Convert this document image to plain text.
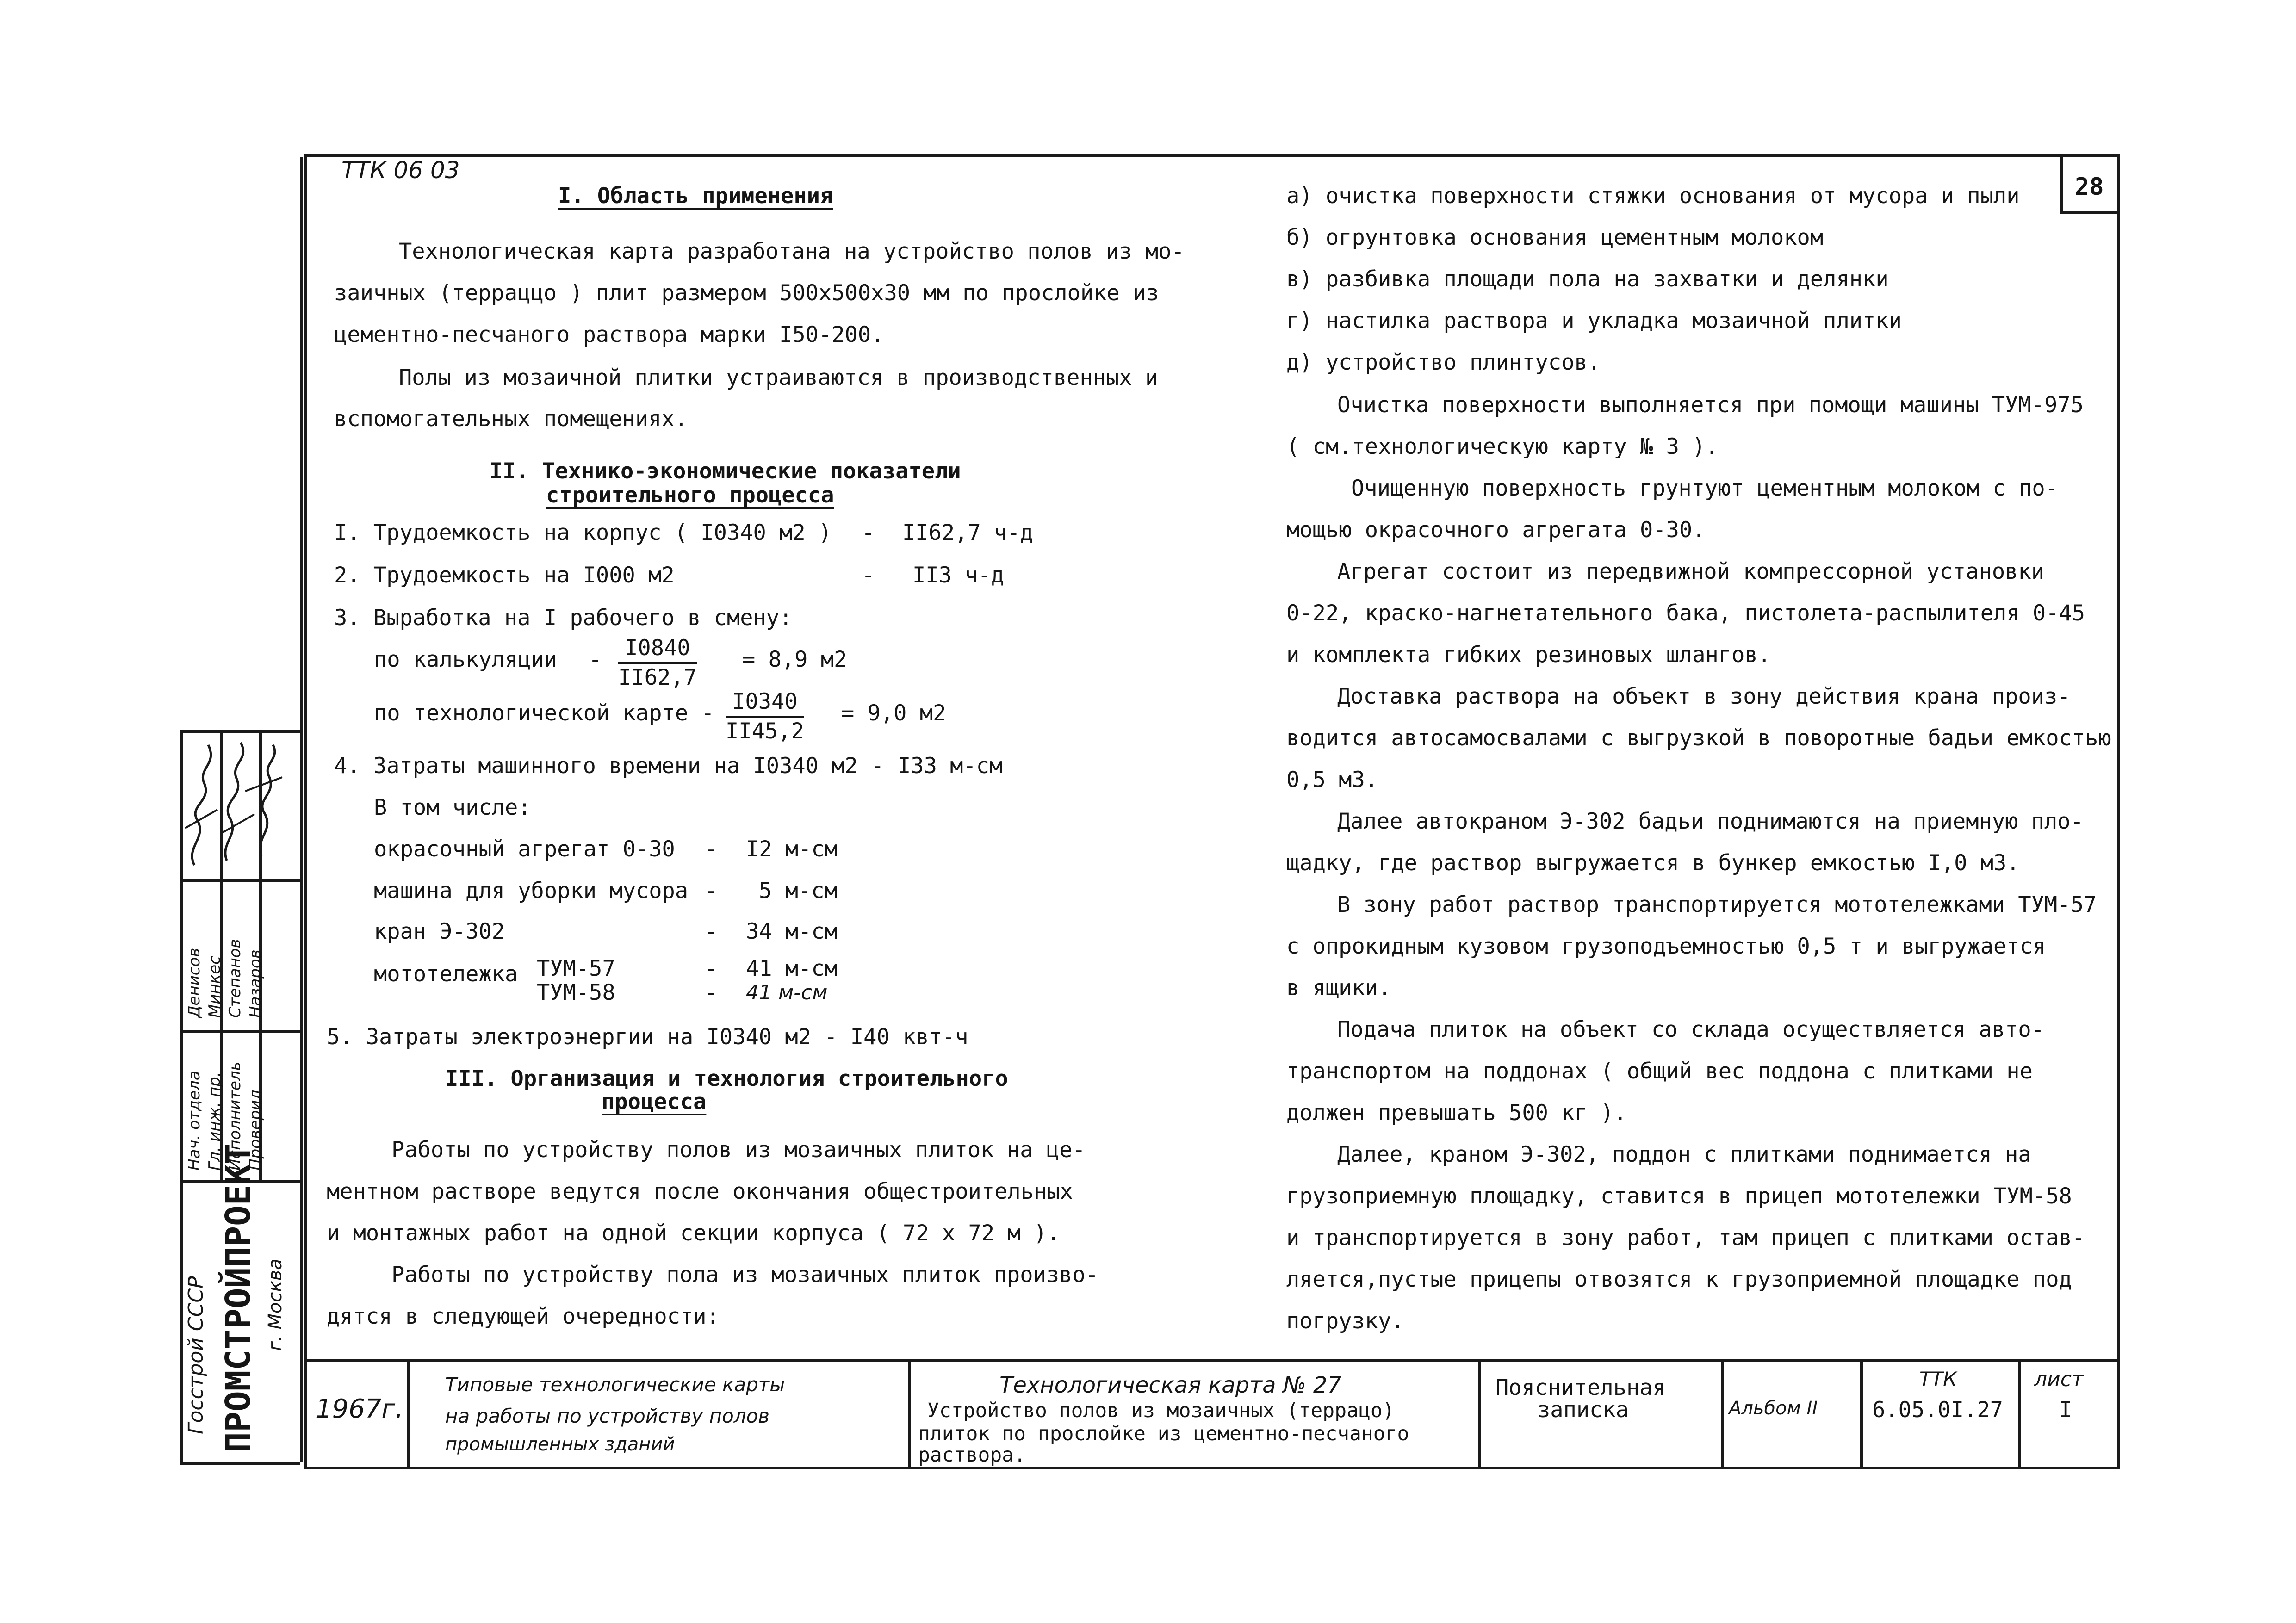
28
ТТК 06 03
I. Область применения
Технологическая карта разработана на устройство полов из мо-
заичных (терраццо ) плит размером 500х500х30 мм по прослойке из
цементно-песчаного раствора марки I50-200.
Полы из мозаичной плитки устраиваются в производственных и
вспомогательных помещениях.
II. Технико-экономические показатели
строительного процесса
I. Трудоемкость на корпус ( I0340 м2 ) - II62,7 ч-д
2. Трудоемкость на I000 м2	- II3 ч-д
3. Выработка на I рабочего в смену:
по калькуляции - $\frac{I0840}{II62,7} = 8,9$ м2
по технологической карте - $\frac{I0340}{II45,2} = 9,0$ м2
4. Затраты машинного времени на I0340 м2 - I33 м-см
В том числе:
окрасочный агрегат 0-30 - I2 м-см
машина для уборки мусора - 5 м-см
кран Э-302	- 34 м-см
мототележка ТУМ-57	- 41 м-см
ТУМ-58	- 41 м-см
5. Затраты электроэнергии на I0340 м2 - I40 квт-ч
III. Организация и технология строительного
процесса
Работы по устройству полов из мозаичных плиток на це-
ментном растворе ведутся после окончания общестроительных
и монтажных работ на одной секции корпуса ( 72 х 72 м ).
Работы по устройству пола из мозаичных плиток произво-
дятся в следующей очередности:
а) очистка поверхности стяжки основания от мусора и пыли
б) огрунтовка основания цементным молоком
в) разбивка площади пола на захватки и делянки
г) настилка раствора и укладка мозаичной плитки
д) устройство плинтусов.
Очистка поверхности выполняется при помощи машины ТУМ-975
( см.технологическую карту № 3 ).
Очищенную поверхность грунтуют цементным молоком с по-
мощью окрасочного агрегата 0-30.
Агрегат состоит из передвижной компрессорной установки
0-22, краско-нагнетательного бака, пистолета-распылителя 0-45
и комплекта гибких резиновых шлангов.
Доставка раствора на объект в зону действия крана произ-
водится автосамосвалами с выгрузкой в поворотные бадьи емкостью
0,5 м3.
Далее автокраном Э-302 бадьи поднимаются на приемную пло-
щадку, где раствор выгружается в бункер емкостью I,0 м3.
В зону работ раствор транспортируется мототележками ТУМ-57
с опрокидным кузовом грузоподъемностью 0,5 т и выгружается
в ящики.
Подача плиток на объект со склада осуществляется авто-
транспортом на поддонах ( общий вес поддона с плитками не
должен превышать 500 кг ).
Далее, краном Э-302, поддон с плитками поднимается на
грузоприемную площадку, ставится в прицеп мототележки ТУМ-58
и транспортируется в зону работ, там прицеп с плитками остав-
ляется,пустые прицепы отвозятся к грузоприемной площадке под
погрузку.
1967г.
Типовые технологические карты
на работы по устройству полов
промышленных зданий
Технологическая карта № 27
Устройство полов из мозаичных (террацо)
плиток по прослойке из цементно-песчаного
раствора.
Пояснительная
записка	Альбом II
ТТК
6.05.0I.27
лист
I
Госстрой СССР ПРОМСТРОЙПРОЕКТ г. Москва
Нач. отдела Гл. инж. пр. Исполнитель Проверил
Денисов Минкес Степанов Назаров
